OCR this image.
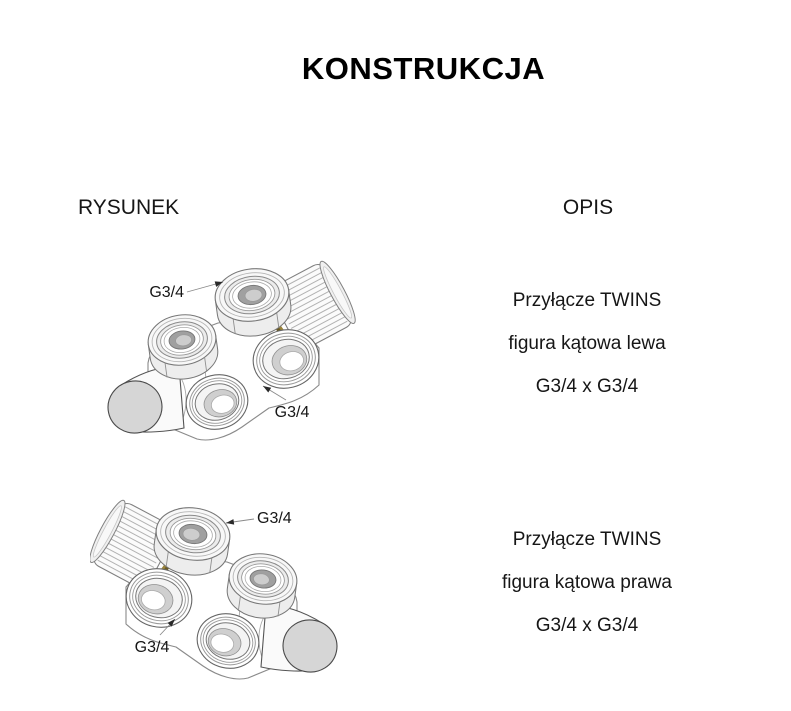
KONSTRUKCJA
RYSUNEK	OPIS
G3/4
G3/4
Przyłącze TWINS
figura kątowa lewa
G3/4 x G3/4
G3/4
G3/4
Przyłącze TWINS
figura kątowa prawa
G3/4 x G3/4
